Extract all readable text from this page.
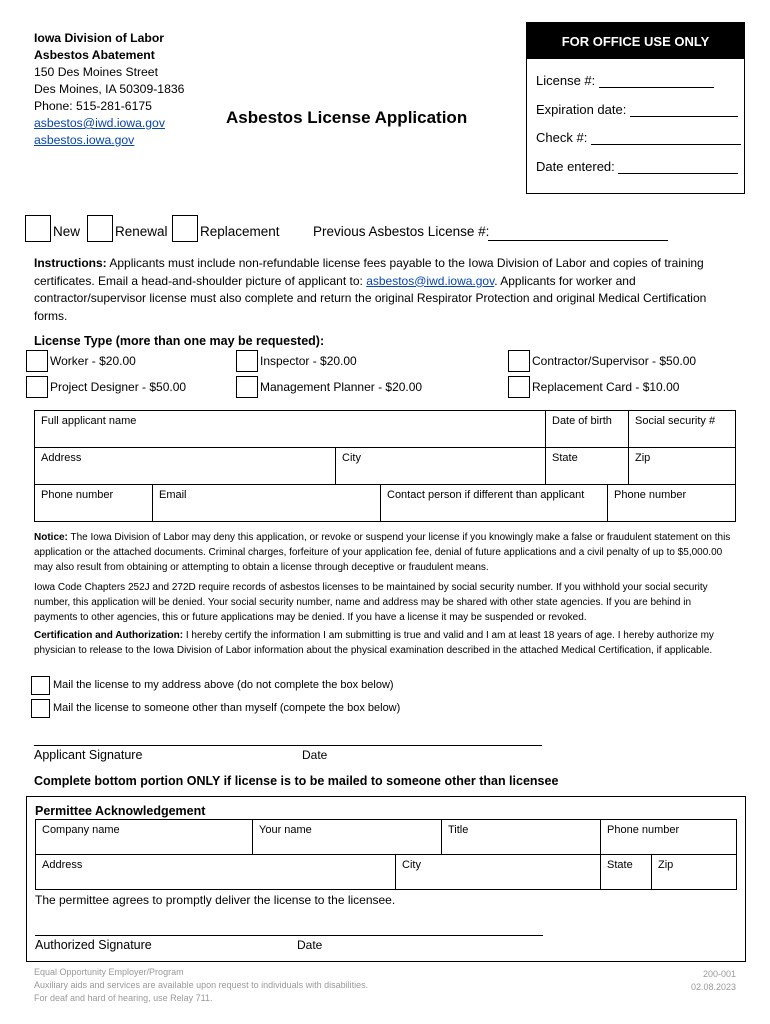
Iowa Division of Labor
Asbestos Abatement
150 Des Moines Street
Des Moines, IA 50309-1836
Phone: 515-281-6175
asbestos@iwd.iowa.gov
asbestos.iowa.gov
Asbestos License Application
FOR OFFICE USE ONLY
License #:
Expiration date:
Check #:
Date entered:
New	Renewal Replacement Previous Asbestos License #:
Instructions: Applicants must include non-refundable license fees payable to the Iowa Division of Labor and copies of training certificates. Email a head-and-shoulder picture of applicant to: asbestos@iwd.iowa.gov. Applicants for worker and contractor/supervisor license must also complete and return the original Respirator Protection and original Medical Certification forms.
License Type (more than one may be requested):
Worker - $20.00	Inspector - $20.00	Contractor/Supervisor - $50.00
Project Designer - $50.00	Management Planner - $20.00	Replacement Card - $10.00
Full applicant name	Date of birth	Social security #
Address	City	State	Zip
Phone number	Email	Contact person if different than applicant	Phone number
Notice: The Iowa Division of Labor may deny this application, or revoke or suspend your license if you knowingly make a false or fraudulent statement on this application or the attached documents. Criminal charges, forfeiture of your application fee, denial of future applications and a civil penalty of up to $5,000.00 may also result from obtaining or attempting to obtain a license through deceptive or fraudulent means.
Iowa Code Chapters 252J and 272D require records of asbestos licenses to be maintained by social security number. If you withhold your social security number, this application will be denied. Your social security number, name and address may be shared with other state agencies. If you are behind in payments to other agencies, this or future applications may be denied. If you have a license it may be suspended or revoked.
Certification and Authorization: I hereby certify the information I am submitting is true and valid and I am at least 18 years of age. I hereby authorize my physician to release to the Iowa Division of Labor information about the physical examination described in the attached Medical Certification, if applicable.
Mail the license to my address above (do not complete the box below)
Mail the license to someone other than myself (compete the box below)
Applicant Signature	Date
Complete bottom portion ONLY if license is to be mailed to someone other than licensee
Permittee Acknowledgement
Company name	Your name	Title	Phone number
Address	City	State	Zip
The permittee agrees to promptly deliver the license to the licensee.
Authorized Signature	Date
Equal Opportunity Employer/Program
Auxiliary aids and services are available upon request to individuals with disabilities.
For deaf and hard of hearing, use Relay 711.
200-001
02.08.2023
